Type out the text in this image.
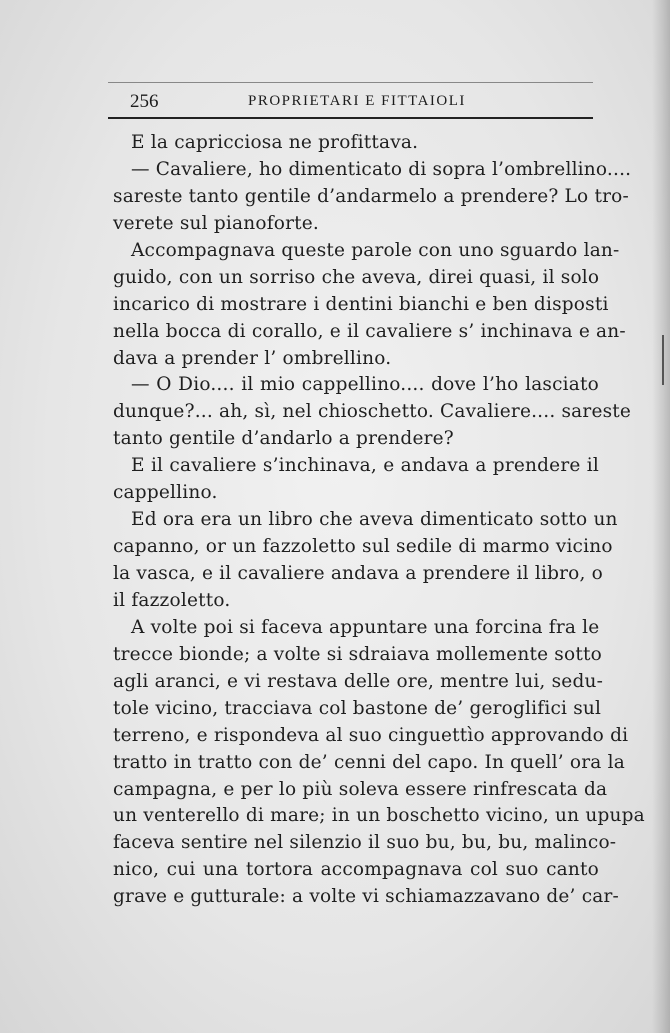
256	PROPRIETARI E FITTAIOLI
E la capricciosa ne profittava.
— Cavaliere, ho dimenticato di sopra l’ombrellino....
sareste tanto gentile d’andarmelo a prendere? Lo tro-
verete sul pianoforte.
Accompagnava queste parole con uno sguardo lan-
guido, con un sorriso che aveva, direi quasi, il solo
incarico di mostrare i dentini bianchi e ben disposti
nella bocca di corallo, e il cavaliere s’ inchinava e an-
dava a prender l’ ombrellino.
— O Dio.... il mio cappellino.... dove l’ho lasciato
dunque?... ah, sì, nel chioschetto. Cavaliere.... sareste
tanto gentile d’andarlo a prendere?
E il cavaliere s’inchinava, e andava a prendere il
cappellino.
Ed ora era un libro che aveva dimenticato sotto un
capanno, or un fazzoletto sul sedile di marmo vicino
la vasca, e il cavaliere andava a prendere il libro, o
il fazzoletto.
A volte poi si faceva appuntare una forcina fra le
trecce bionde; a volte si sdraiava mollemente sotto
agli aranci, e vi restava delle ore, mentre lui, sedu-
tole vicino, tracciava col bastone de’ geroglifici sul
terreno, e rispondeva al suo cinguettìo approvando di
tratto in tratto con de’ cenni del capo. In quell’ ora la
campagna, e per lo più soleva essere rinfrescata da
un venterello di mare; in un boschetto vicino, un upupa
faceva sentire nel silenzio il suo bu, bu, bu, malinco-
nico, cui una tortora accompagnava col suo canto
grave e gutturale: a volte vi schiamazzavano de’ car-
